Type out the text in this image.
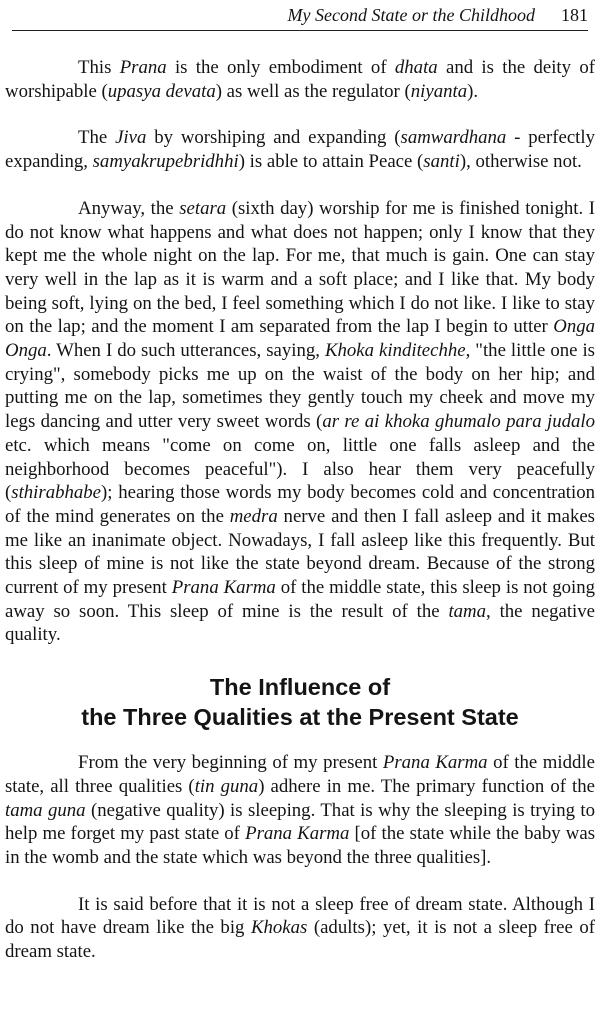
My Second State or the Childhood 181

This Prana is the only embodiment of dhata and is the deity of worshipable (upasya devata) as well as the regulator (niyanta).

The Jiva by worshiping and expanding (samwardhana - perfectly expanding, samyakrupebridhhi) is able to attain Peace (santi), otherwise not.

Anyway, the setara (sixth day) worship for me is finished tonight. I do not know what happens and what does not happen; only I know that they kept me the whole night on the lap. For me, that much is gain. One can stay very well in the lap as it is warm and a soft place; and I like that. My body being soft, lying on the bed, I feel something which I do not like. I like to stay on the lap; and the moment I am separated from the lap I begin to utter Onga Onga. When I do such utterances, saying, Khoka kinditechhe, "the little one is crying", somebody picks me up on the waist of the body on her hip; and putting me on the lap, sometimes they gently touch my cheek and move my legs dancing and utter very sweet words (ar re ai khoka ghumalo para judalo etc. which means "come on come on, little one falls asleep and the neighborhood becomes peaceful"). I also hear them very peacefully (sthirabhabe); hearing those words my body becomes cold and concentration of the mind generates on the medra nerve and then I fall asleep and it makes me like an inanimate object. Nowadays, I fall asleep like this frequently. But this sleep of mine is not like the state beyond dream. Because of the strong current of my present Prana Karma of the middle state, this sleep is not going away so soon. This sleep of mine is the result of the tama, the negative quality.

The Influence of
the Three Qualities at the Present State

From the very beginning of my present Prana Karma of the middle state, all three qualities (tin guna) adhere in me. The primary function of the tama guna (negative quality) is sleeping. That is why the sleeping is trying to help me forget my past state of Prana Karma [of the state while the baby was in the womb and the state which was beyond the three qualities].

It is said before that it is not a sleep free of dream state. Although I do not have dream like the big Khokas (adults); yet, it is not a sleep free of dream state.
